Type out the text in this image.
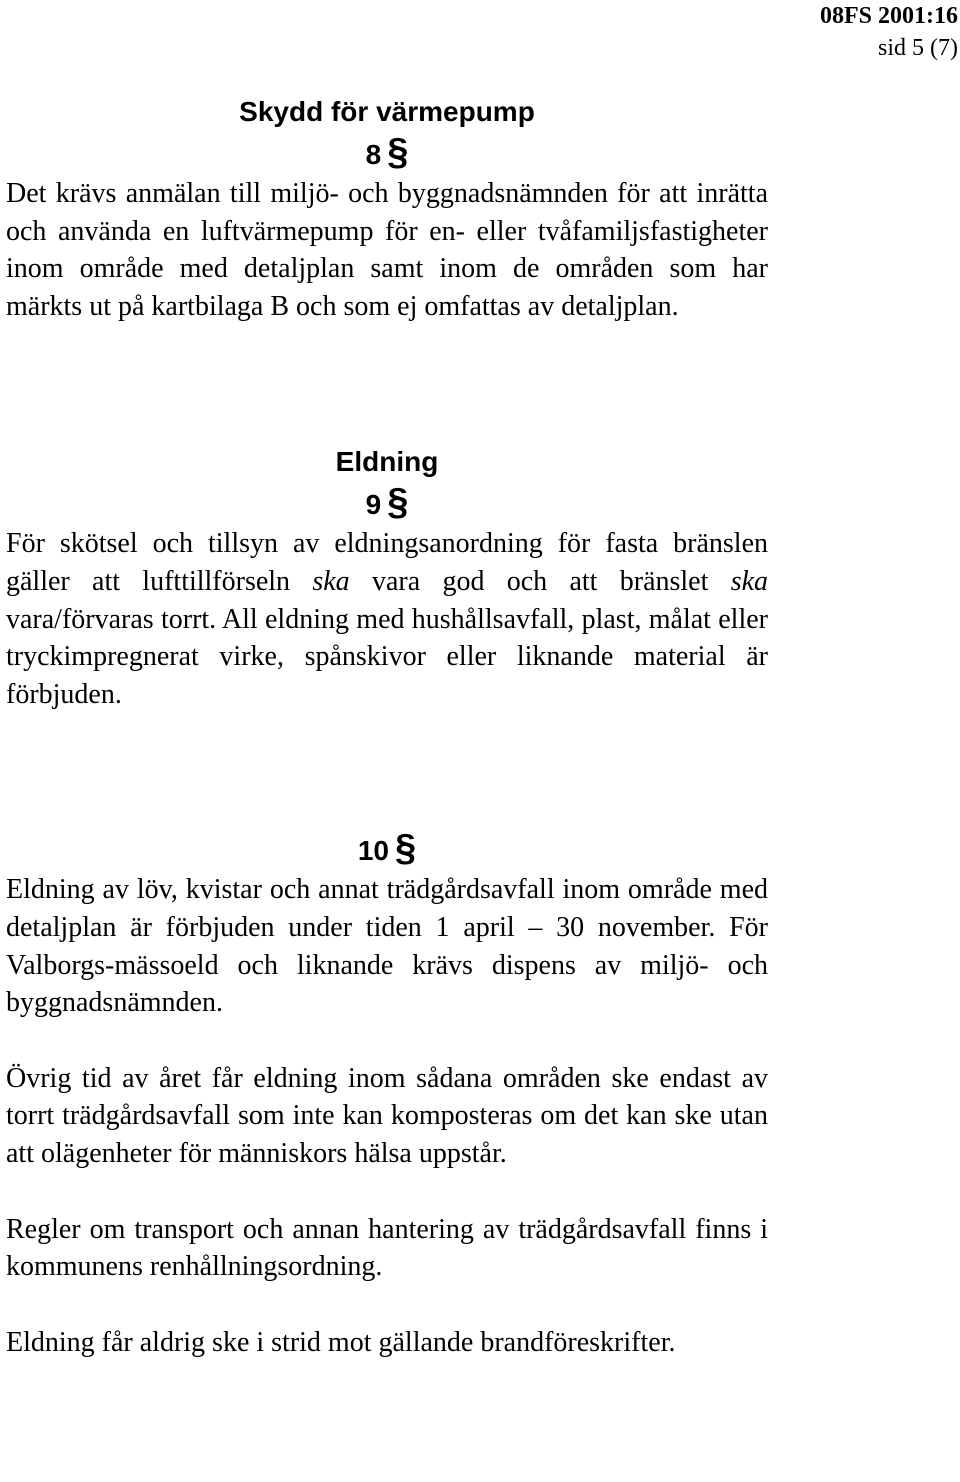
08FS 2001:16
sid 5 (7)
Skydd för värmepump
8 §

Det krävs anmälan till miljö- och byggnadsnämnden för att inrätta och använda en luftvärmepump för en- eller tvåfamiljsfastigheter inom område med detaljplan samt inom de områden som har märkts ut på kartbilaga B och som ej omfattas av detaljplan.

Eldning
9 §

För skötsel och tillsyn av eldningsanordning för fasta bränslen gäller att lufttillförseln ska vara god och att bränslet ska vara/förvaras torrt. All eldning med hushållsavfall, plast, målat eller tryckimpregnerat virke, spånskivor eller liknande material är förbjuden.

10 §

Eldning av löv, kvistar och annat trädgårdsavfall inom område med detaljplan är förbjuden under tiden 1 april – 30 november. För Valborgs-mässoeld och liknande krävs dispens av miljö- och byggnadsnämnden.

Övrig tid av året får eldning inom sådana områden ske endast av torrt trädgårdsavfall som inte kan komposteras om det kan ske utan att olägenheter för människors hälsa uppstår.

Regler om transport och annan hantering av trädgårdsavfall finns i kommunens renhållningsordning.

Eldning får aldrig ske i strid mot gällande brandföreskrifter.
